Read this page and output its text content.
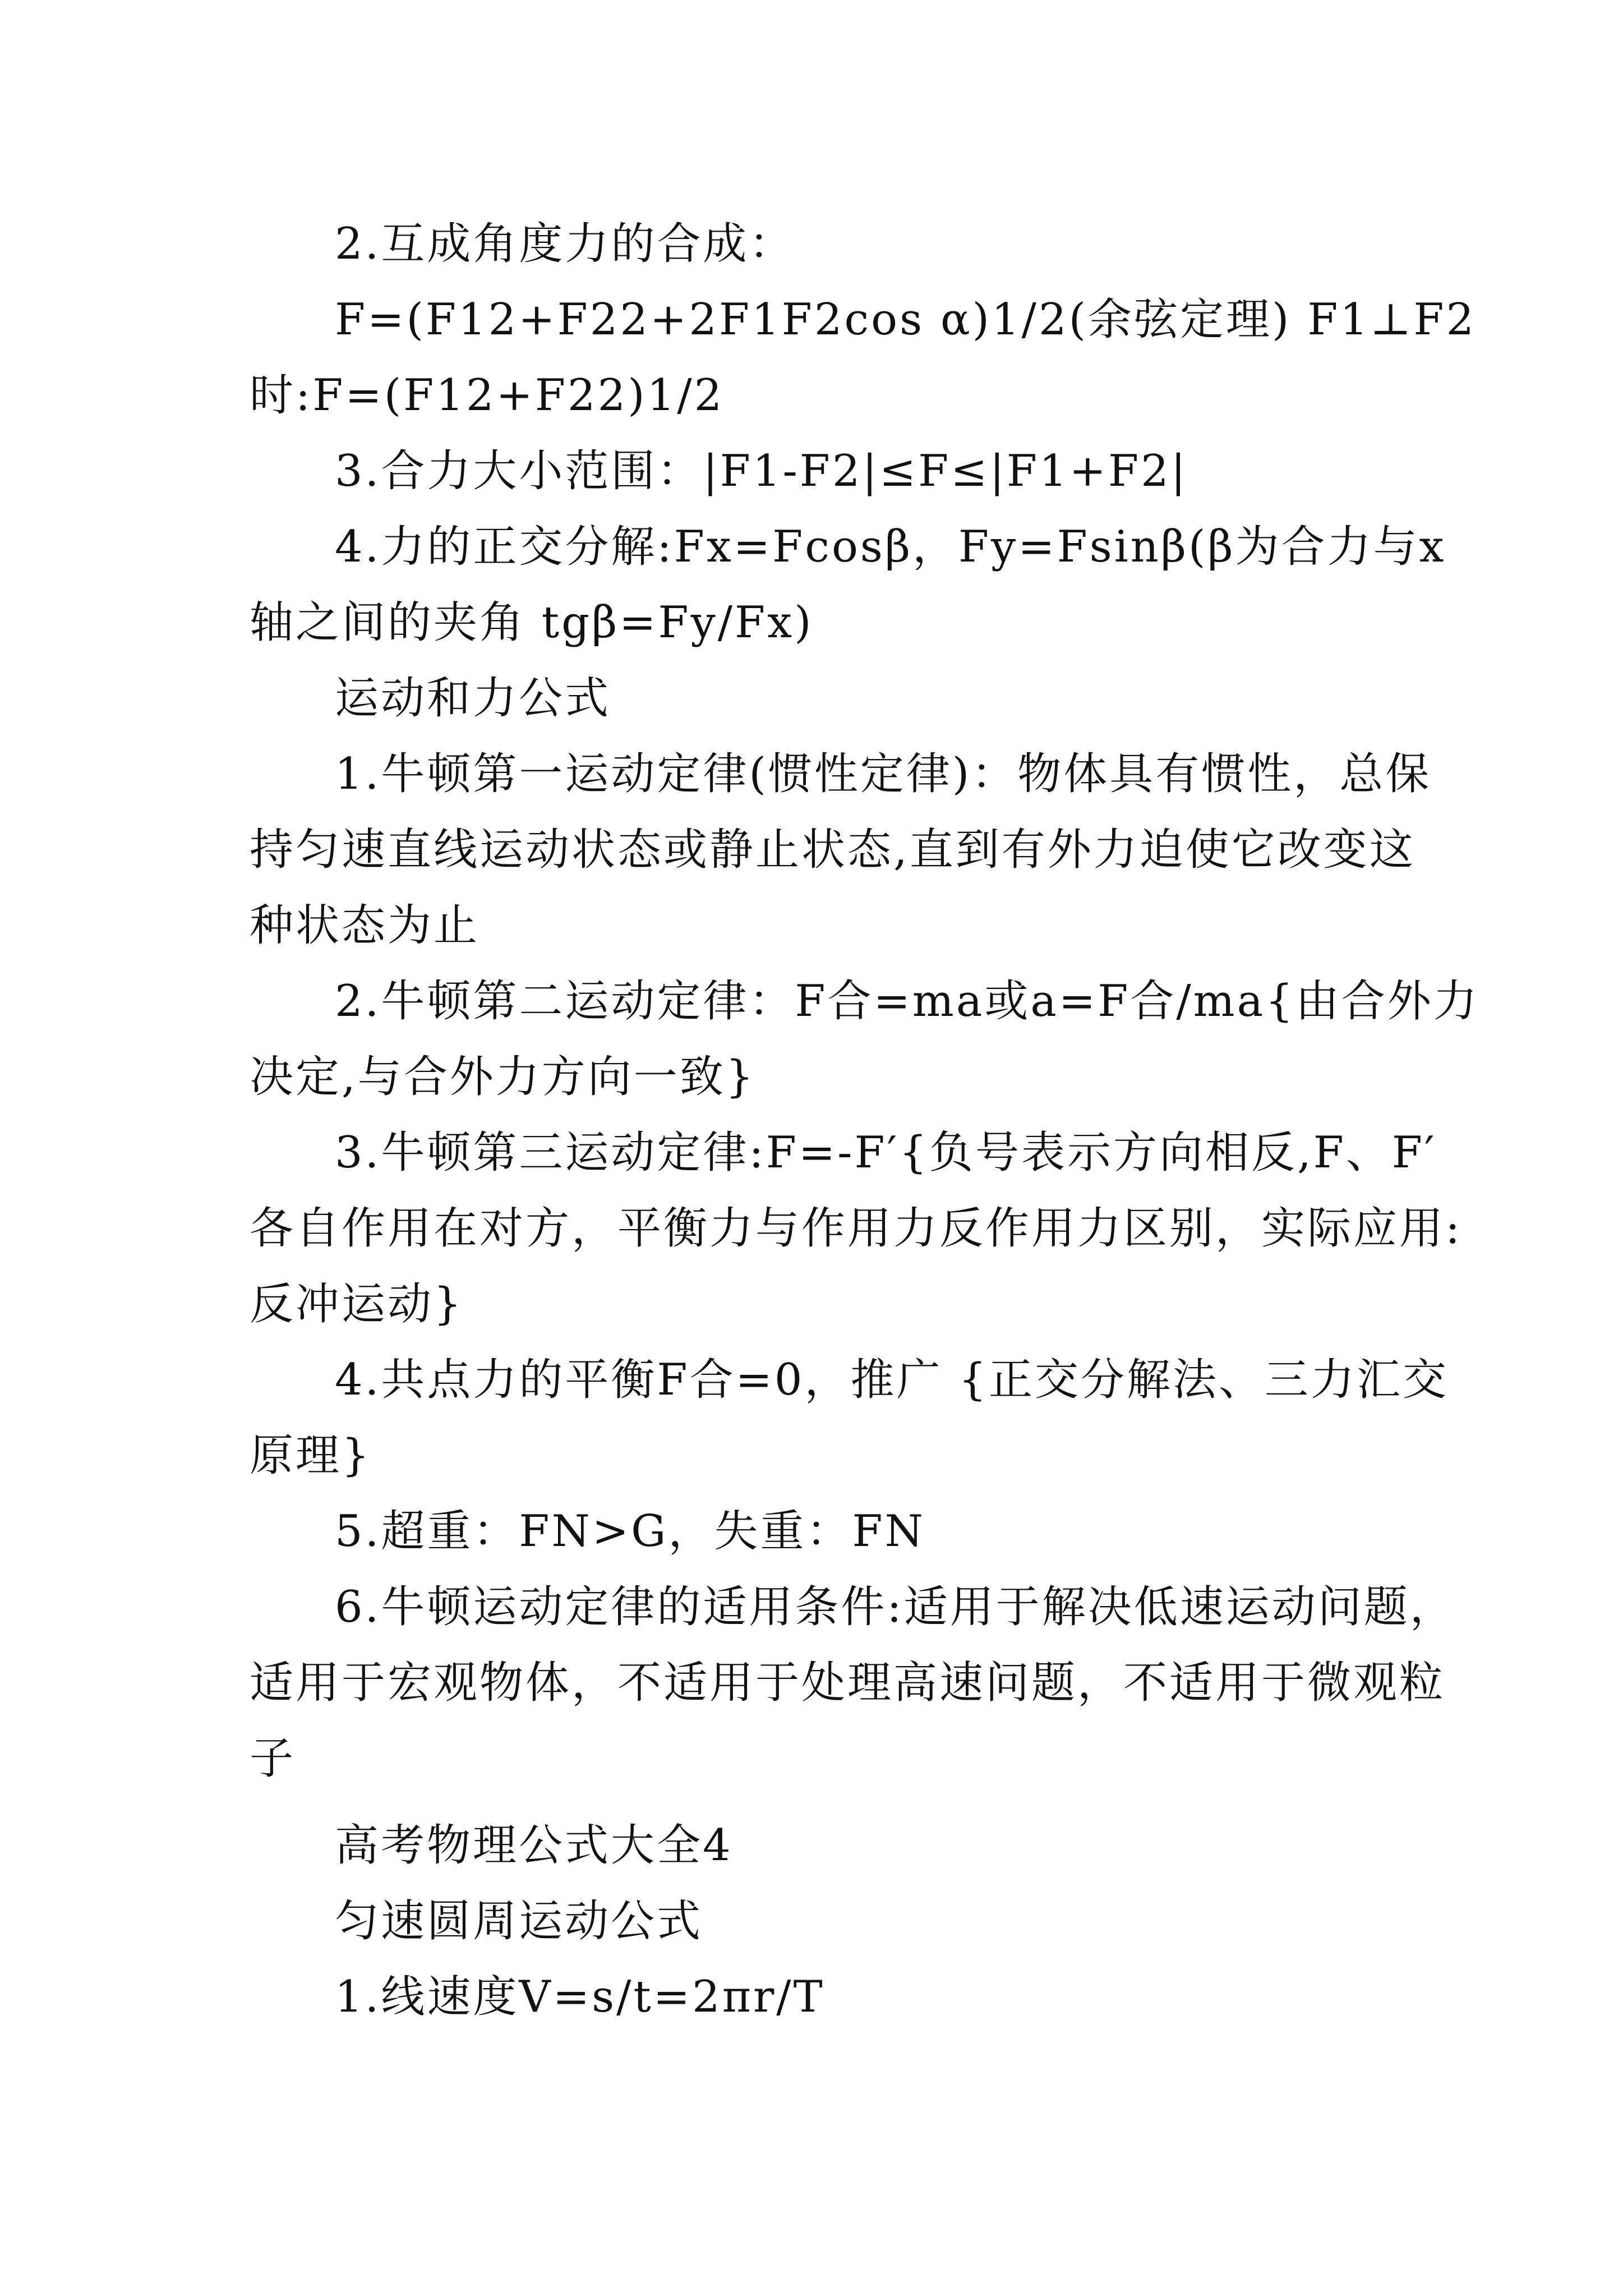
2.互成角度力的合成：
F=(F12+F22+2F1F2cos α)1/2(余弦定理) F1⊥F2
时:F=(F12+F22)1/2
3.合力大小范围：|F1-F2|≤F≤|F1+F2|
4.力的正交分解:Fx=Fcosβ，Fy=Fsinβ(β为合力与x
轴之间的夹角 tgβ=Fy/Fx)
运动和力公式
1.牛顿第一运动定律(惯性定律)：物体具有惯性，总保
持匀速直线运动状态或静止状态,直到有外力迫使它改变这
种状态为止
2.牛顿第二运动定律：F合=ma或a=F合/ma{由合外力
决定,与合外力方向一致}
3.牛顿第三运动定律:F=-F′{负号表示方向相反,F、F′
各自作用在对方，平衡力与作用力反作用力区别，实际应用:
反冲运动}
4.共点力的平衡F合=0，推广 {正交分解法、三力汇交
原理}
5.超重：FN>G，失重：FN
6.牛顿运动定律的适用条件:适用于解决低速运动问题，
适用于宏观物体，不适用于处理高速问题，不适用于微观粒
子
高考物理公式大全4
匀速圆周运动公式
1.线速度V=s/t=2πr/T
